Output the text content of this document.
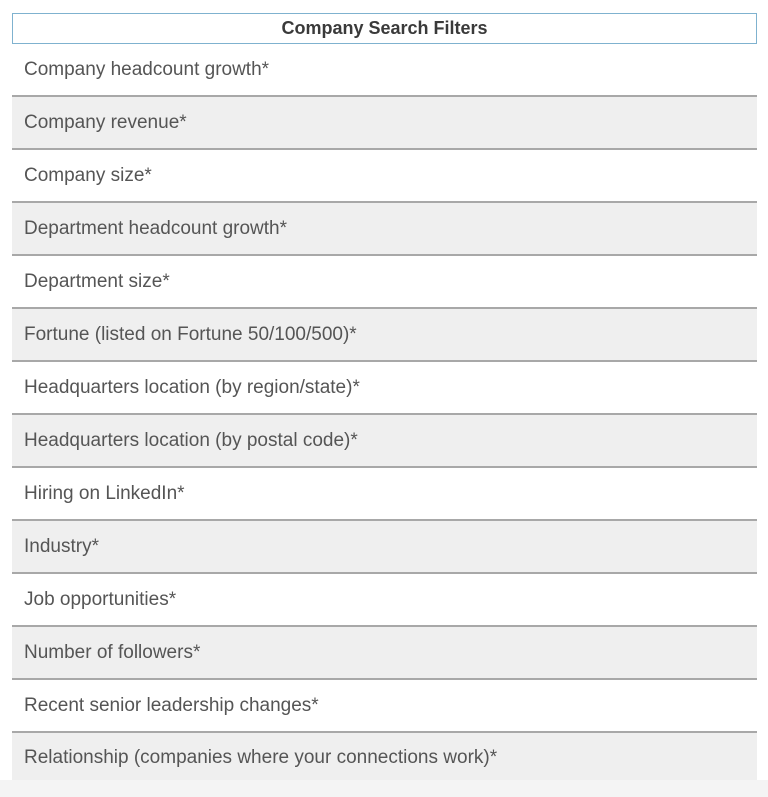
Company Search Filters
Company headcount growth*
Company revenue*
Company size*
Department headcount growth*
Department size*
Fortune (listed on Fortune 50/100/500)*
Headquarters location (by region/state)*
Headquarters location (by postal code)*
Hiring on LinkedIn*
Industry*
Job opportunities*
Number of followers*
Recent senior leadership changes*
Relationship (companies where your connections work)*
